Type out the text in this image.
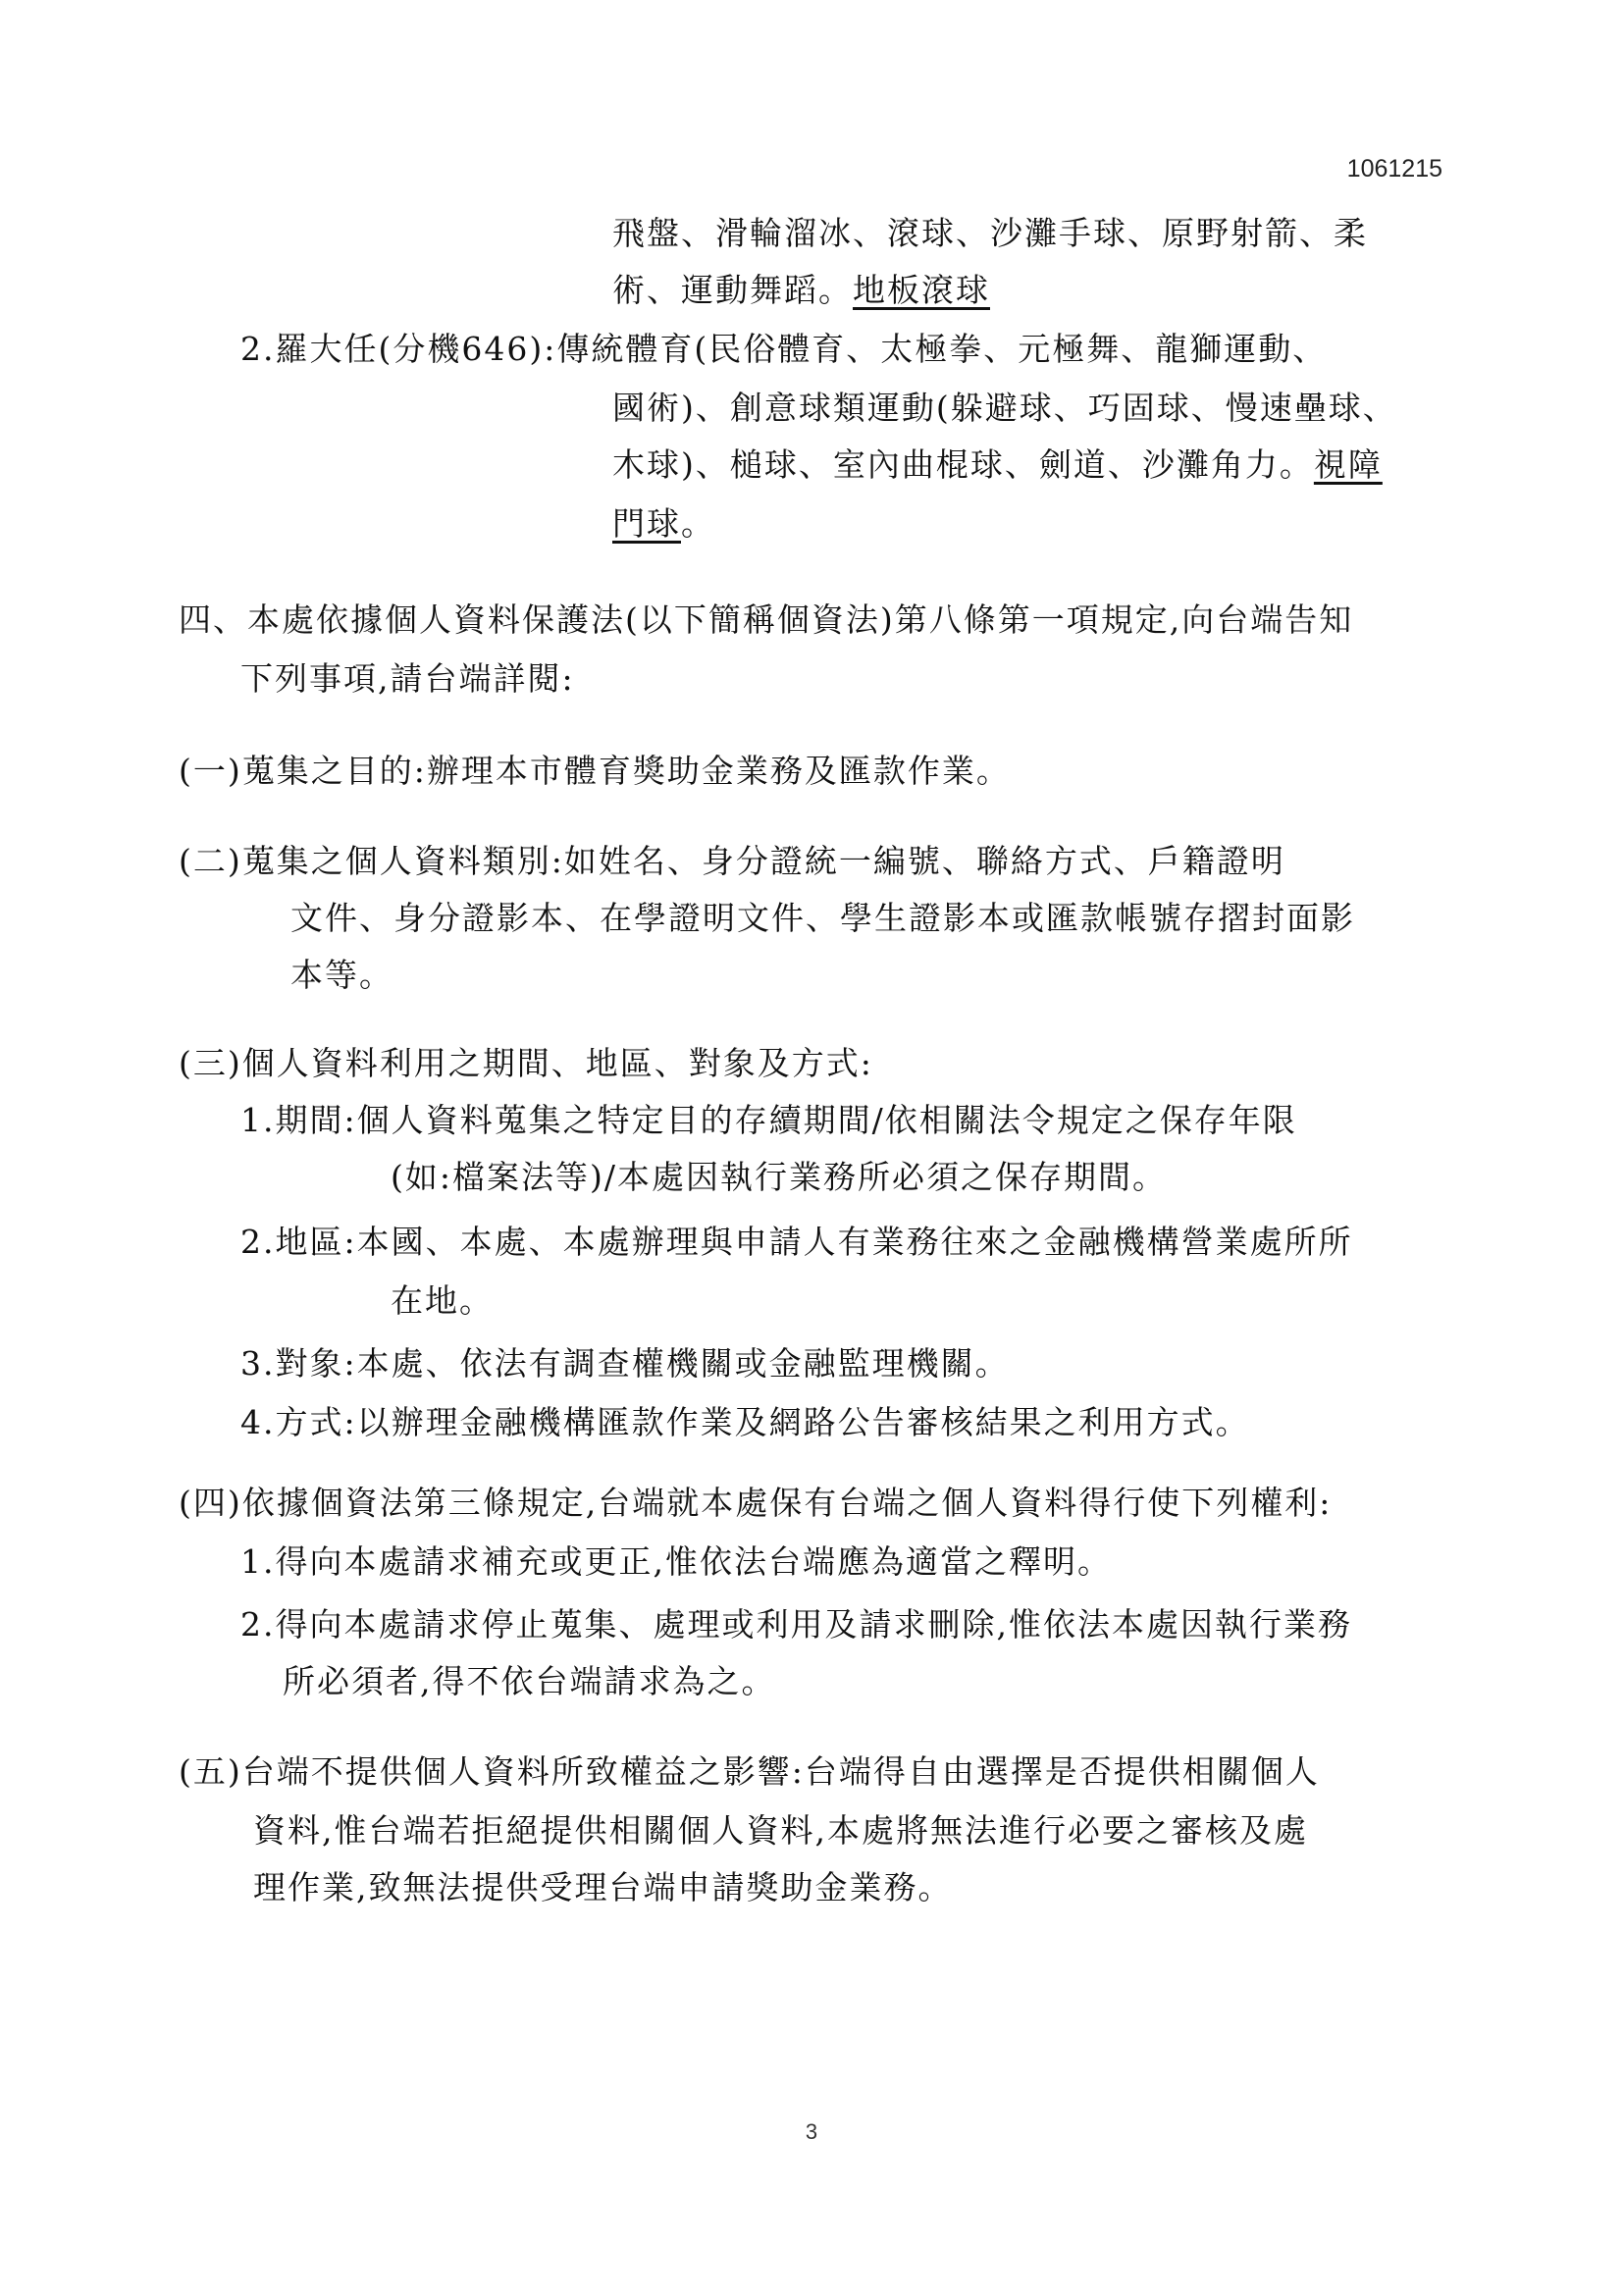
1061215
飛盤、滑輪溜冰、滾球、沙灘手球、原野射箭、柔
術、運動舞蹈。地板滾球
2.羅大任(分機646):傳統體育(民俗體育、太極拳、元極舞、龍獅運動、
國術)、創意球類運動(躲避球、巧固球、慢速壘球、
木球)、槌球、室內曲棍球、劍道、沙灘角力。視障
門球。
四、本處依據個人資料保護法(以下簡稱個資法)第八條第一項規定,向台端告知
下列事項,請台端詳閱:
(一)蒐集之目的:辦理本市體育獎助金業務及匯款作業。
(二)蒐集之個人資料類別:如姓名、身分證統一編號、聯絡方式、戶籍證明
文件、身分證影本、在學證明文件、學生證影本或匯款帳號存摺封面影
本等。
(三)個人資料利用之期間、地區、對象及方式:
1.期間:個人資料蒐集之特定目的存續期間/依相關法令規定之保存年限
(如:檔案法等)/本處因執行業務所必須之保存期間。
2.地區:本國、本處、本處辦理與申請人有業務往來之金融機構營業處所所
在地。
3.對象:本處、依法有調查權機關或金融監理機關。
4.方式:以辦理金融機構匯款作業及網路公告審核結果之利用方式。
(四)依據個資法第三條規定,台端就本處保有台端之個人資料得行使下列權利:
1.得向本處請求補充或更正,惟依法台端應為適當之釋明。
2.得向本處請求停止蒐集、處理或利用及請求刪除,惟依法本處因執行業務
所必須者,得不依台端請求為之。
(五)台端不提供個人資料所致權益之影響:台端得自由選擇是否提供相關個人
資料,惟台端若拒絕提供相關個人資料,本處將無法進行必要之審核及處
理作業,致無法提供受理台端申請獎助金業務。
3
